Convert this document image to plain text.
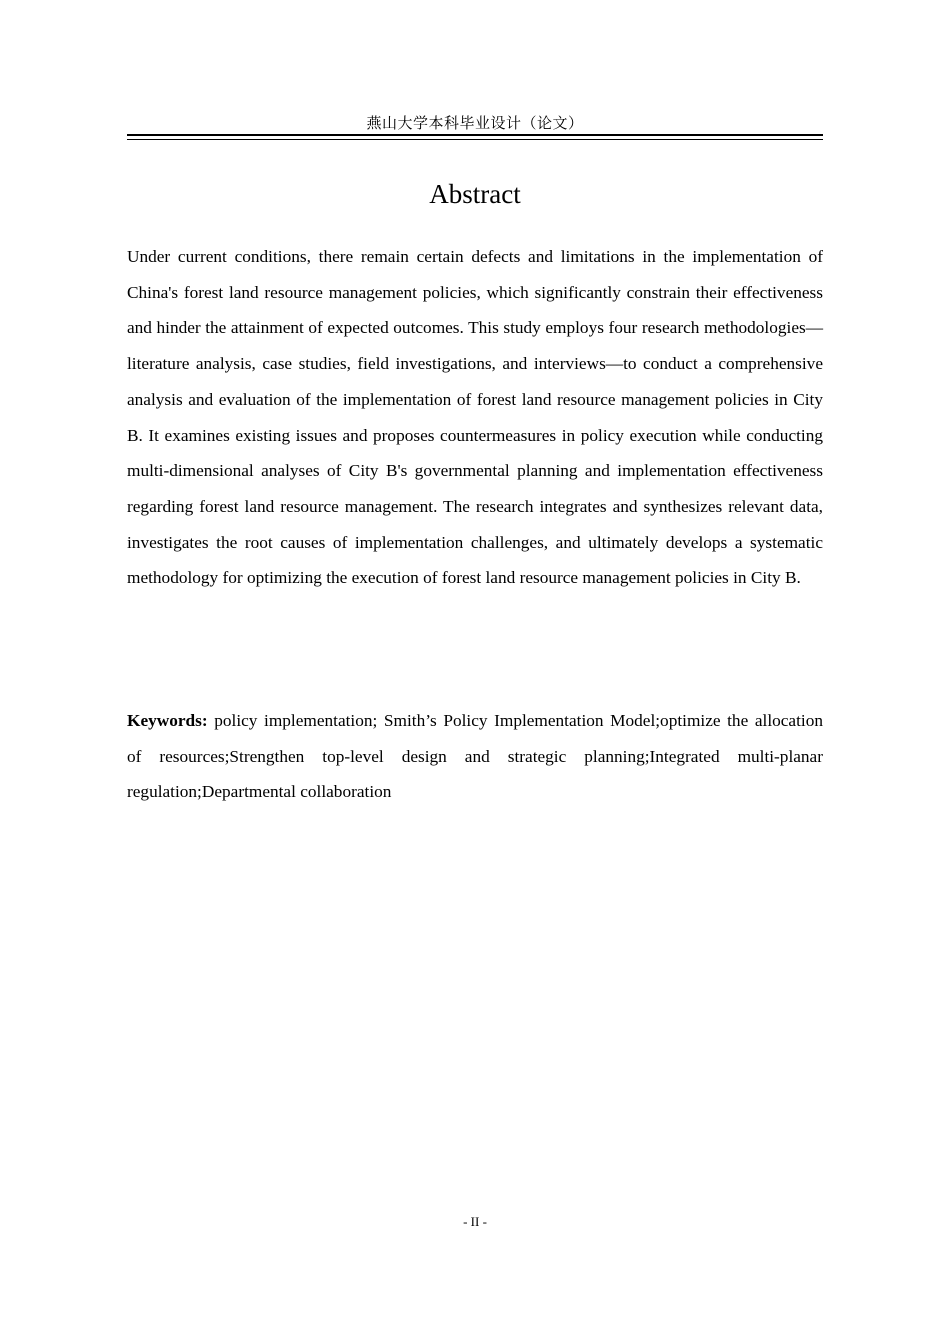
燕山大学本科毕业设计（论文）
Abstract

Under current conditions, there remain certain defects and limitations in the implementation of China's forest land resource management policies, which significantly constrain their effectiveness and hinder the attainment of expected outcomes. This study employs four research methodologies—literature analysis, case studies, field investigations, and interviews—to conduct a comprehensive analysis and evaluation of the implementation of forest land resource management policies in City B. It examines existing issues and proposes countermeasures in policy execution while conducting multi-dimensional analyses of City B's governmental planning and implementation effectiveness regarding forest land resource management. The research integrates and synthesizes relevant data, investigates the root causes of implementation challenges, and ultimately develops a systematic methodology for optimizing the execution of forest land resource management policies in City B.

Keywords: policy implementation; Smith’s Policy Implementation Model;optimize the allocation of resources;Strengthen top-level design and strategic planning;Integrated multi-planar regulation;Departmental collaboration

- II -
